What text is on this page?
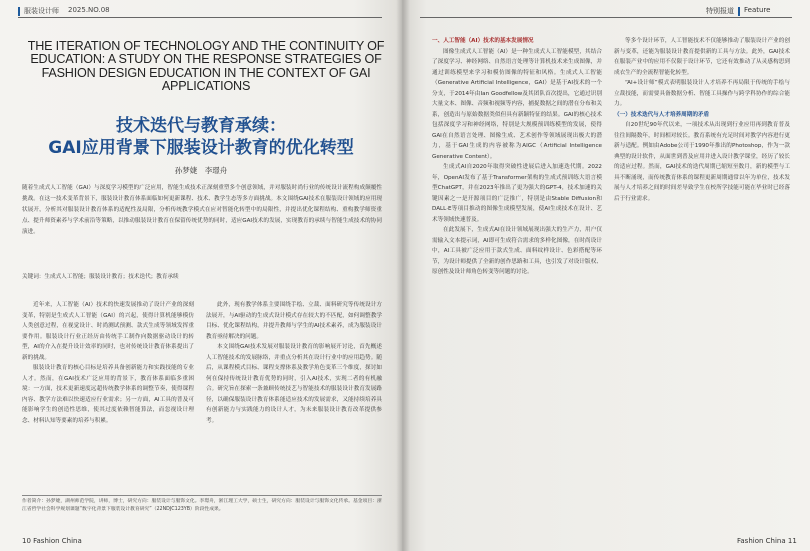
服装设计师 2025.NO.08
THE ITERATION OF TECHNOLOGY AND THE CONTINUITY OF EDUCATION: A STUDY ON THE RESPONSE STRATEGIES OF FASHION DESIGN EDUCATION IN THE CONTEXT OF GAI APPLICATIONS
技术迭代与教育承续：
GAI应用背景下服装设计教育的优化转型
孙梦婕　李璟舟
随着生成式人工智能（GAI）与深度学习模型的广泛应用，智能生成技术正深刻重塑多个创意领域，并对服装时尚行业的传统设计流程构成颠覆性挑战。在这一技术变革背景下，服装设计教育体系面临如何更新课程、技术、教学生态等多方面挑战。本文围绕GAI技术在服装设计领域的应用现状展开，分析其对服装设计教育体系的适配性及局限，分析传统教学模式在应对智能化转型中的局限性，并提出优化课程结构、重构教学师资重点、提升师资素养与学术前沿等策略，以推动服装设计教育在保留传统优势的同时，适应GAI技术的发展，实现教育的承续与智能生成技术的协同演进。
关键词：生成式人工智能；服装设计教育；技术迭代；教育承续

近年来，人工智能（AI）技术的快速发展推动了设计产业的深刻变革，特别是生成式人工智能（GAI）的兴起，使得计算机能够模仿人类创意过程，在视觉设计、时尚测试预测、款式生成等领域发挥重要作用。服装设计行业正经历由传统手工制作向数据驱动设计的转型，AI的介入在提升设计效率的同时，也对传统设计教育体系提出了新的挑战。

服装设计教育的核心目标是培养具备创新能力和实践技能的专业人才。然而，在GAI技术广泛应用的背景下，教育体系面临多重困境：一方面，技术更新速度远超传统教学体系的调整节奏，使得课程内容、教学方法难以快速适应行业需求；另一方面，AI工具的普及可能影响学生的创造性思维，使其过度依赖智能算法，而忽视设计理念、材料认知等要素的培养与积累。

此外，现有教学体系主要围绕手绘、立裁、面料研究等传统设计方法展开，与AI驱动的生成式设计模式存在较大的不匹配，如何调整教学目标、优化课程结构，并提升教师与学生的AI技术素养，成为服装设计教育亟待解决的问题。

本文围绕GAI技术发展对服装设计教育的影响展开讨论，首先概述人工智能技术的发展脉络，并重点分析其在设计行业中的应用趋势。随后，从课程模式目标、课程支撑体系及教学角色变革三个维度，探讨如何在保持传统设计教育优势的同时，引入AI技术，实现二者的有机融合。研究旨在探索一条兼顾传统技艺与智能技术的服装设计教育发展路径，以确保服装设计教育体系能适应技术的发展需求，又能持续培养具有创新能力与实践能力的设计人才，为未来服装设计教育改革提供参考。

作者简介：孙梦婕，湖州师范学院，讲师，博士，研究方向：服装设计与服饰文化。李璟舟，浙江理工大学，硕士生，研究方向：服装设计与服饰文化传承。基金项目：浙江省哲学社会科学规划课题“数字化背景下服装设计教育研究”（22NDJC123YB）阶段性成果。
10 Fashion China
特别报道 Feature

一、人工智能（AI）技术的基本发展情况

图像生成式人工智能（AI）是一种生成式人工智能模型，其结合了深度学习、神经网络、自然语言处理等计算机技术来生成图像，并通过训练模型来学习和模仿图像的特征和风格。生成式人工智能（Generative Artificial Intelligence，GAI）是基于AI技术的一个分支，于2014年由Ian Goodfellow及其团队首次提出，它通过识别大量文本、图像、音频和视频等内容，捕捉数据之间的潜在分布和关系，创造出与原始数据类似但具有新颖特征的结果。GAI的核心技术包括深度学习和神经网络，特别是大规模预训练模型的发展，使得GAI在自然语言处理、图像生成、艺术创作等领域展现出极大的潜力，基于GAI生成的内容被称为AIGC（Artificial Intelligence Generative Content）。

生成式AI自2020年取得突破性进展后进入加速迭代期。2022年，OpenAI发布了基于Transformer架构的生成式预训练大语言模型ChatGPT，并在2023年推出了更为强大的GPT-4，技术加速的关键因素之一是开源项目的广泛推广，特别是由Stable Diffusion和DALL·E等项目推动的图像生成模型发展，使AI生成技术在设计、艺术等领域快速普及。

在此发展下，生成式AI在设计领域展现出强大的生产力，用户仅需输入文本提示词，AI即可生成符合需求的多样化图像，在时尚设计中，AI工具被广泛应用于款式生成、面料纹样设计、色彩搭配等环节，为设计师提供了全新的创作思路和工具，也引发了对设计版权、原创性及设计师角色转变等问题的讨论。

等多个设计环节，人工智能技术不仅能够推动了服装设计产业的创新与变革，还能为服装设计教育提供新的工具与方法。此外，GAI技术在服装产业中的应用不仅限于设计环节，它还有效推动了从灵感构思到成衣生产的全流程智能化转型。

“AI+设计师”模式表明服装设计人才培养不再局限于传统的手绘与立裁技能，而需要具备数据分析、智能工具操作与跨学科协作的综合能力。

（一）技术迭代与人才培养周期的矛盾

自20世纪90年代以来，一项技术从出现到行业应用再到教育普及往往间隔数年，时间相对较长。教育系统有充足时间对教学内容进行更新与适配。例如由Adobe公司于1990年推出的Photoshop，作为一款典型的设计软件，从面世到普及应用并进入设计教学课堂，经历了较长的适应过程。然而，GAI技术的迭代周期已缩短至数月，新的模型与工具不断涌现，而传统教育体系的课程更新周期通常以年为单位，技术发展与人才培养之间的时间差导致学生在校所学技能可能在毕业时已经落后于行业需求。

Fashion China 11
